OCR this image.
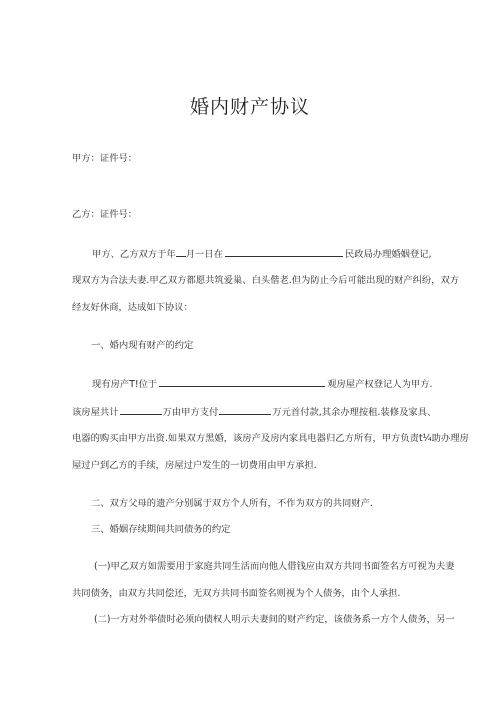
婚内财产协议
甲方：证件号：
乙方：证件号：
甲方、乙方双方于年 月一日在	民政局办理婚姻登记,
现双方为合法夫妻.甲乙双方都愿共筑爱巢、白头偕老.但为防止今后可能出现的财产纠纷，双方
经友好休商，达成如下协议：
一、婚内现有财产的约定
现有房产T!位于	观房屋产权登记人为甲方.
该房屋共计	万由甲方支付	万元首付款,其余办理按租.装修及家具、
电器的购买由甲方出资.如果双方黑婚，该房产及房内家具电器归乙方所有，甲方负责t¼助办理房
屋过户到乙方的手续，房屋过户发生的一切费用由甲方承担.
二、双方父母的遗产分别属于双方个人所有，不作为双方的共同财产.
三、婚姻存续期间共同债务的约定
(一)甲乙双方如需要用于家庭共同生活而向他人借钱应由双方共同书面签名方可视为夫妻
共同债务，由双方共同偿还，无双方共同书面签名则视为个人债务，由个人承担.
(二)一方对外举债时必须向债权人明示夫妻间的财产约定，该债务系一方个人债务，另一
